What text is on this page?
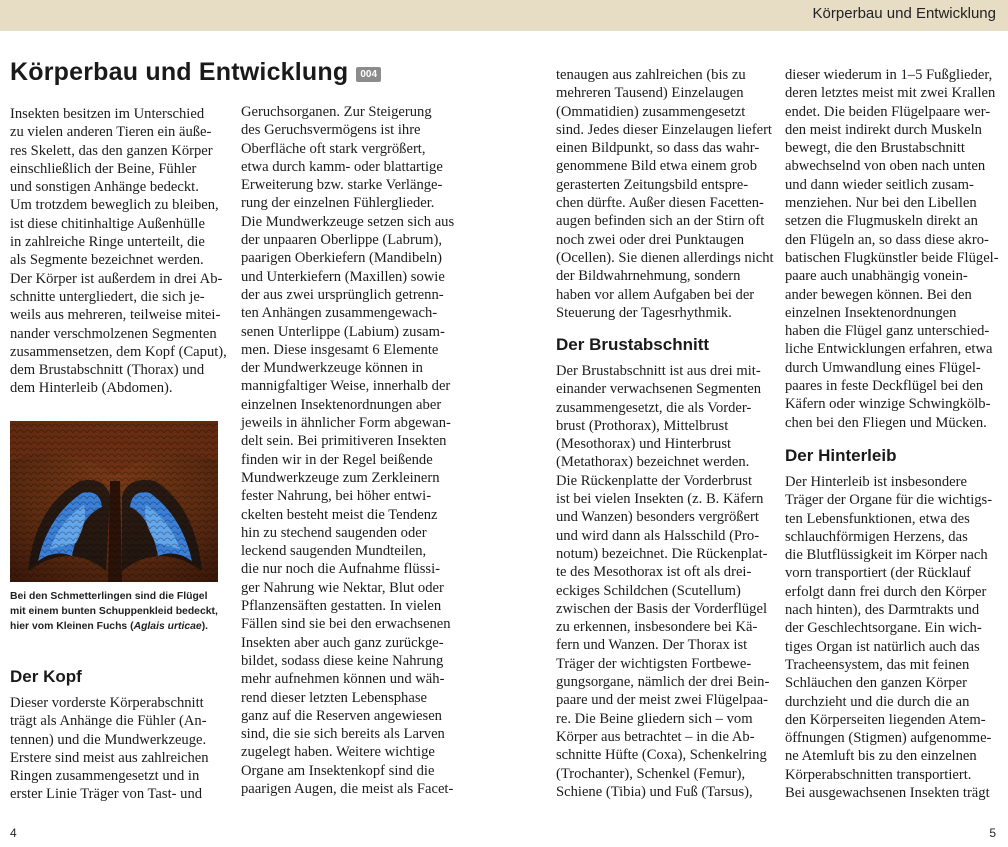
Körperbau und Entwicklung
Körperbau und Entwicklung	004
Insekten besitzen im Unterschied
zu vielen anderen Tieren ein äuße-
res Skelett, das den ganzen Körper
einschließlich der Beine, Fühler
und sonstigen Anhänge bedeckt.
Um trotzdem beweglich zu bleiben,
ist diese chitinhaltige Außenhülle
in zahlreiche Ringe unterteilt, die
als Segmente bezeichnet werden.
Der Körper ist außerdem in drei Ab-
schnitte untergliedert, die sich je-
weils aus mehreren, teilweise mitei-
nander verschmolzenen Segmenten
zusammensetzen, dem Kopf (Caput),
dem Brustabschnitt (Thorax) und
dem Hinterleib (Abdomen).
Bei den Schmetterlingen sind die Flügel
mit einem bunten Schuppenkleid bedeckt,
hier vom Kleinen Fuchs (Aglais urticae).
Der Kopf
Dieser vorderste Körperabschnitt
trägt als Anhänge die Fühler (An-
tennen) und die Mundwerkzeuge.
Erstere sind meist aus zahlreichen
Ringen zusammengesetzt und in
erster Linie Träger von Tast- und
Geruchsorganen. Zur Steigerung
des Geruchsvermögens ist ihre
Oberfläche oft stark vergrößert,
etwa durch kamm- oder blattartige
Erweiterung bzw. starke Verlänge-
rung der einzelnen Fühlerglieder.
Die Mundwerkzeuge setzen sich aus
der unpaaren Oberlippe (Labrum),
paarigen Oberkiefern (Mandibeln)
und Unterkiefern (Maxillen) sowie
der aus zwei ursprünglich getrenn-
ten Anhängen zusammengewach-
senen Unterlippe (Labium) zusam-
men. Diese insgesamt 6 Elemente
der Mundwerkzeuge können in
mannigfaltiger Weise, innerhalb der
einzelnen Insektenordnungen aber
jeweils in ähnlicher Form abgewan-
delt sein. Bei primitiveren Insekten
finden wir in der Regel beißende
Mundwerkzeuge zum Zerkleinern
fester Nahrung, bei höher entwi-
ckelten besteht meist die Tendenz
hin zu stechend saugenden oder
leckend saugenden Mundteilen,
die nur noch die Aufnahme flüssi-
ger Nahrung wie Nektar, Blut oder
Pflanzensäften gestatten. In vielen
Fällen sind sie bei den erwachsenen
Insekten aber auch ganz zurückge-
bildet, sodass diese keine Nahrung
mehr aufnehmen können und wäh-
rend dieser letzten Lebensphase
ganz auf die Reserven angewiesen
sind, die sie sich bereits als Larven
zugelegt haben. Weitere wichtige
Organe am Insektenkopf sind die
paarigen Augen, die meist als Facet-
tenaugen aus zahlreichen (bis zu
mehreren Tausend) Einzelaugen
(Ommatidien) zusammengesetzt
sind. Jedes dieser Einzelaugen liefert
einen Bildpunkt, so dass das wahr-
genommene Bild etwa einem grob
gerasterten Zeitungsbild entspre-
chen dürfte. Außer diesen Facetten-
augen befinden sich an der Stirn oft
noch zwei oder drei Punktaugen
(Ocellen). Sie dienen allerdings nicht
der Bildwahrnehmung, sondern
haben vor allem Aufgaben bei der
Steuerung der Tagesrhythmik.
Der Brustabschnitt
Der Brustabschnitt ist aus drei mit-
einander verwachsenen Segmenten
zusammengesetzt, die als Vorder-
brust (Prothorax), Mittelbrust
(Mesothorax) und Hinterbrust
(Metathorax) bezeichnet werden.
Die Rückenplatte der Vorderbrust
ist bei vielen Insekten (z. B. Käfern
und Wanzen) besonders vergrößert
und wird dann als Halsschild (Pro-
notum) bezeichnet. Die Rückenplat-
te des Mesothorax ist oft als drei-
eckiges Schildchen (Scutellum)
zwischen der Basis der Vorderflügel
zu erkennen, insbesondere bei Kä-
fern und Wanzen. Der Thorax ist
Träger der wichtigsten Fortbewe-
gungsorgane, nämlich der drei Bein-
paare und der meist zwei Flügelpaa-
re. Die Beine gliedern sich – vom
Körper aus betrachtet – in die Ab-
schnitte Hüfte (Coxa), Schenkelring
(Trochanter), Schenkel (Femur),
Schiene (Tibia) und Fuß (Tarsus),
dieser wiederum in 1–5 Fußglieder,
deren letztes meist mit zwei Krallen
endet. Die beiden Flügelpaare wer-
den meist indirekt durch Muskeln
bewegt, die den Brustabschnitt
abwechselnd von oben nach unten
und dann wieder seitlich zusam-
menziehen. Nur bei den Libellen
setzen die Flugmuskeln direkt an
den Flügeln an, so dass diese akro-
batischen Flugkünstler beide Flügel-
paare auch unabhängig vonein-
ander bewegen können. Bei den
einzelnen Insektenordnungen
haben die Flügel ganz unterschied-
liche Entwicklungen erfahren, etwa
durch Umwandlung eines Flügel-
paares in feste Deckflügel bei den
Käfern oder winzige Schwingkölb-
chen bei den Fliegen und Mücken.
Der Hinterleib
Der Hinterleib ist insbesondere
Träger der Organe für die wichtigs-
ten Lebensfunktionen, etwa des
schlauchförmigen Herzens, das
die Blutflüssigkeit im Körper nach
vorn transportiert (der Rücklauf
erfolgt dann frei durch den Körper
nach hinten), des Darmtrakts und
der Geschlechtsorgane. Ein wich-
tiges Organ ist natürlich auch das
Tracheensystem, das mit feinen
Schläuchen den ganzen Körper
durchzieht und die durch die an
den Körperseiten liegenden Atem-
öffnungen (Stigmen) aufgenomme-
ne Atemluft bis zu den einzelnen
Körperabschnitten transportiert.
Bei ausgewachsenen Insekten trägt
4	5
